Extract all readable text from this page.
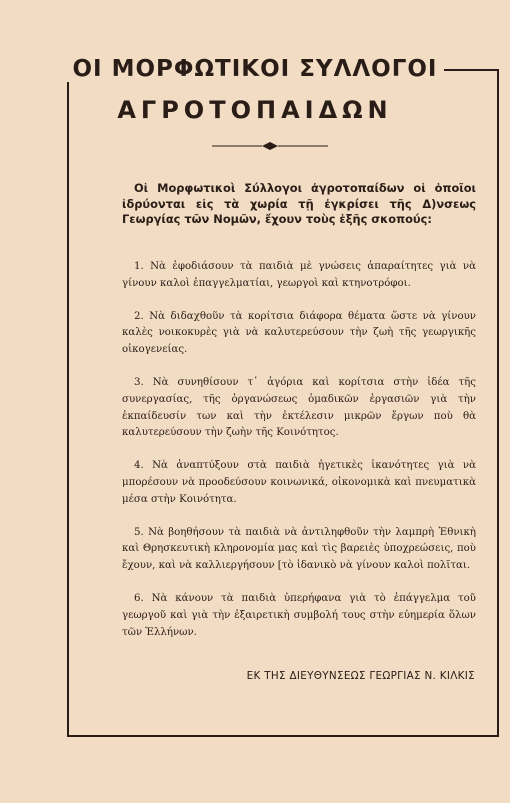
ΟΙ ΜΟΡΦΩΤΙΚΟΙ ΣΥΛΛΟΓΟΙ
ΑΓΡΟΤΟΠΑΙΔΩΝ
Οἱ Μορφωτικοὶ Σύλλογοι ἀγροτοπαίδων οἱ ὁποῖοι ἱδρύονται εἰς τὰ χωρία τῇ ἐγκρίσει τῆς Δ)νσεως Γεωργίας τῶν Νομῶν, ἔχουν τοὺς ἑξῆς σκοπούς:

1. Νὰ ἐφοδιάσουν τὰ παιδιὰ μὲ γνώσεις ἀπαραίτητες γιὰ νὰ γίνουν καλοὶ ἐπαγγελματίαι, γεωργοὶ καὶ κτηνοτρόφοι.

2. Νὰ διδαχθοῦν τὰ κορίτσια διάφορα θέματα ὥστε νὰ γίνουν καλὲς νοικοκυρὲς γιὰ νὰ καλυτερεύσουν τὴν ζωὴ τῆς γεωργικῆς οἰκογενείας.

3. Νὰ συνηθίσουν τ᾽ ἀγόρια καὶ κορίτσια στὴν ἰδέα τῆς συνεργασίας, τῆς ὀργανώσεως ὁμαδικῶν ἐργασιῶν γιὰ τὴν ἐκπαίδευσίν των καὶ τὴν ἐκτέλεσιν μικρῶν ἔργων ποὺ θὰ καλυτερεύσουν τὴν ζωὴν τῆς Κοινότητος.

4. Νὰ ἀναπτύξουν στὰ παιδιὰ ἡγετικὲς ἱκανότητες γιὰ νὰ μπορέσουν νὰ προοδεύσουν κοινωνικά, οἰκονομικὰ καὶ πνευματικὰ μέσα στὴν Κοινότητα.

5. Νὰ βοηθήσουν τὰ παιδιὰ νὰ ἀντιληφθοῦν τὴν λαμπρὴ Ἐθνικὴ καὶ Θρησκευτικὴ κληρονομία μας καὶ τὶς βαρειὲς ὑποχρεώσεις, ποὺ ἔχουν, καὶ νὰ καλλιεργήσουν [τὸ ἰδανικὸ νὰ γίνουν καλοὶ πολῖται.

6. Νὰ κάνουν τὰ παιδιὰ ὑπερήφανα γιὰ τὸ ἐπάγγελμα τοῦ γεωργοῦ καὶ γιὰ τὴν ἐξαιρετικὴ συμβολή τους στὴν εὐημερία ὅλων τῶν Ἑλλήνων.

ΕΚ ΤΗΣ ΔΙΕΥΘΥΝΣΕΩΣ ΓΕΩΡΓΙΑΣ Ν. ΚΙΛΚΙΣ
